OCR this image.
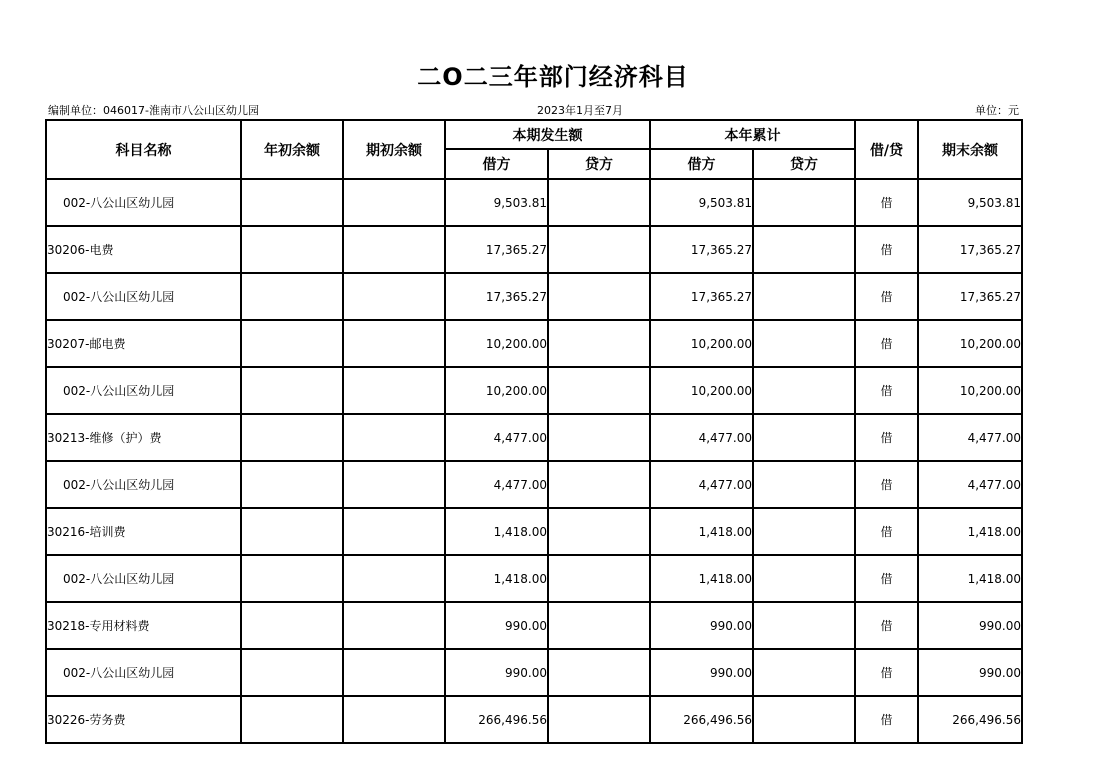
二O二三年部门经济科目
编制单位：046017-淮南市八公山区幼儿园	2023年1月至7月	单位：元
科目名称	年初余额	期初余额	本期发生额		本年累计		借/贷	期末余额
			借方	贷方	借方	贷方		
002-八公山区幼儿园			9,503.81		9,503.81		借	9,503.81
30206-电费			17,365.27		17,365.27		借	17,365.27
002-八公山区幼儿园			17,365.27		17,365.27		借	17,365.27
30207-邮电费			10,200.00		10,200.00		借	10,200.00
002-八公山区幼儿园			10,200.00		10,200.00		借	10,200.00
30213-维修（护）费			4,477.00		4,477.00		借	4,477.00
002-八公山区幼儿园			4,477.00		4,477.00		借	4,477.00
30216-培训费			1,418.00		1,418.00		借	1,418.00
002-八公山区幼儿园			1,418.00		1,418.00		借	1,418.00
30218-专用材料费			990.00		990.00		借	990.00
002-八公山区幼儿园			990.00		990.00		借	990.00
30226-劳务费			266,496.56		266,496.56		借	266,496.56
